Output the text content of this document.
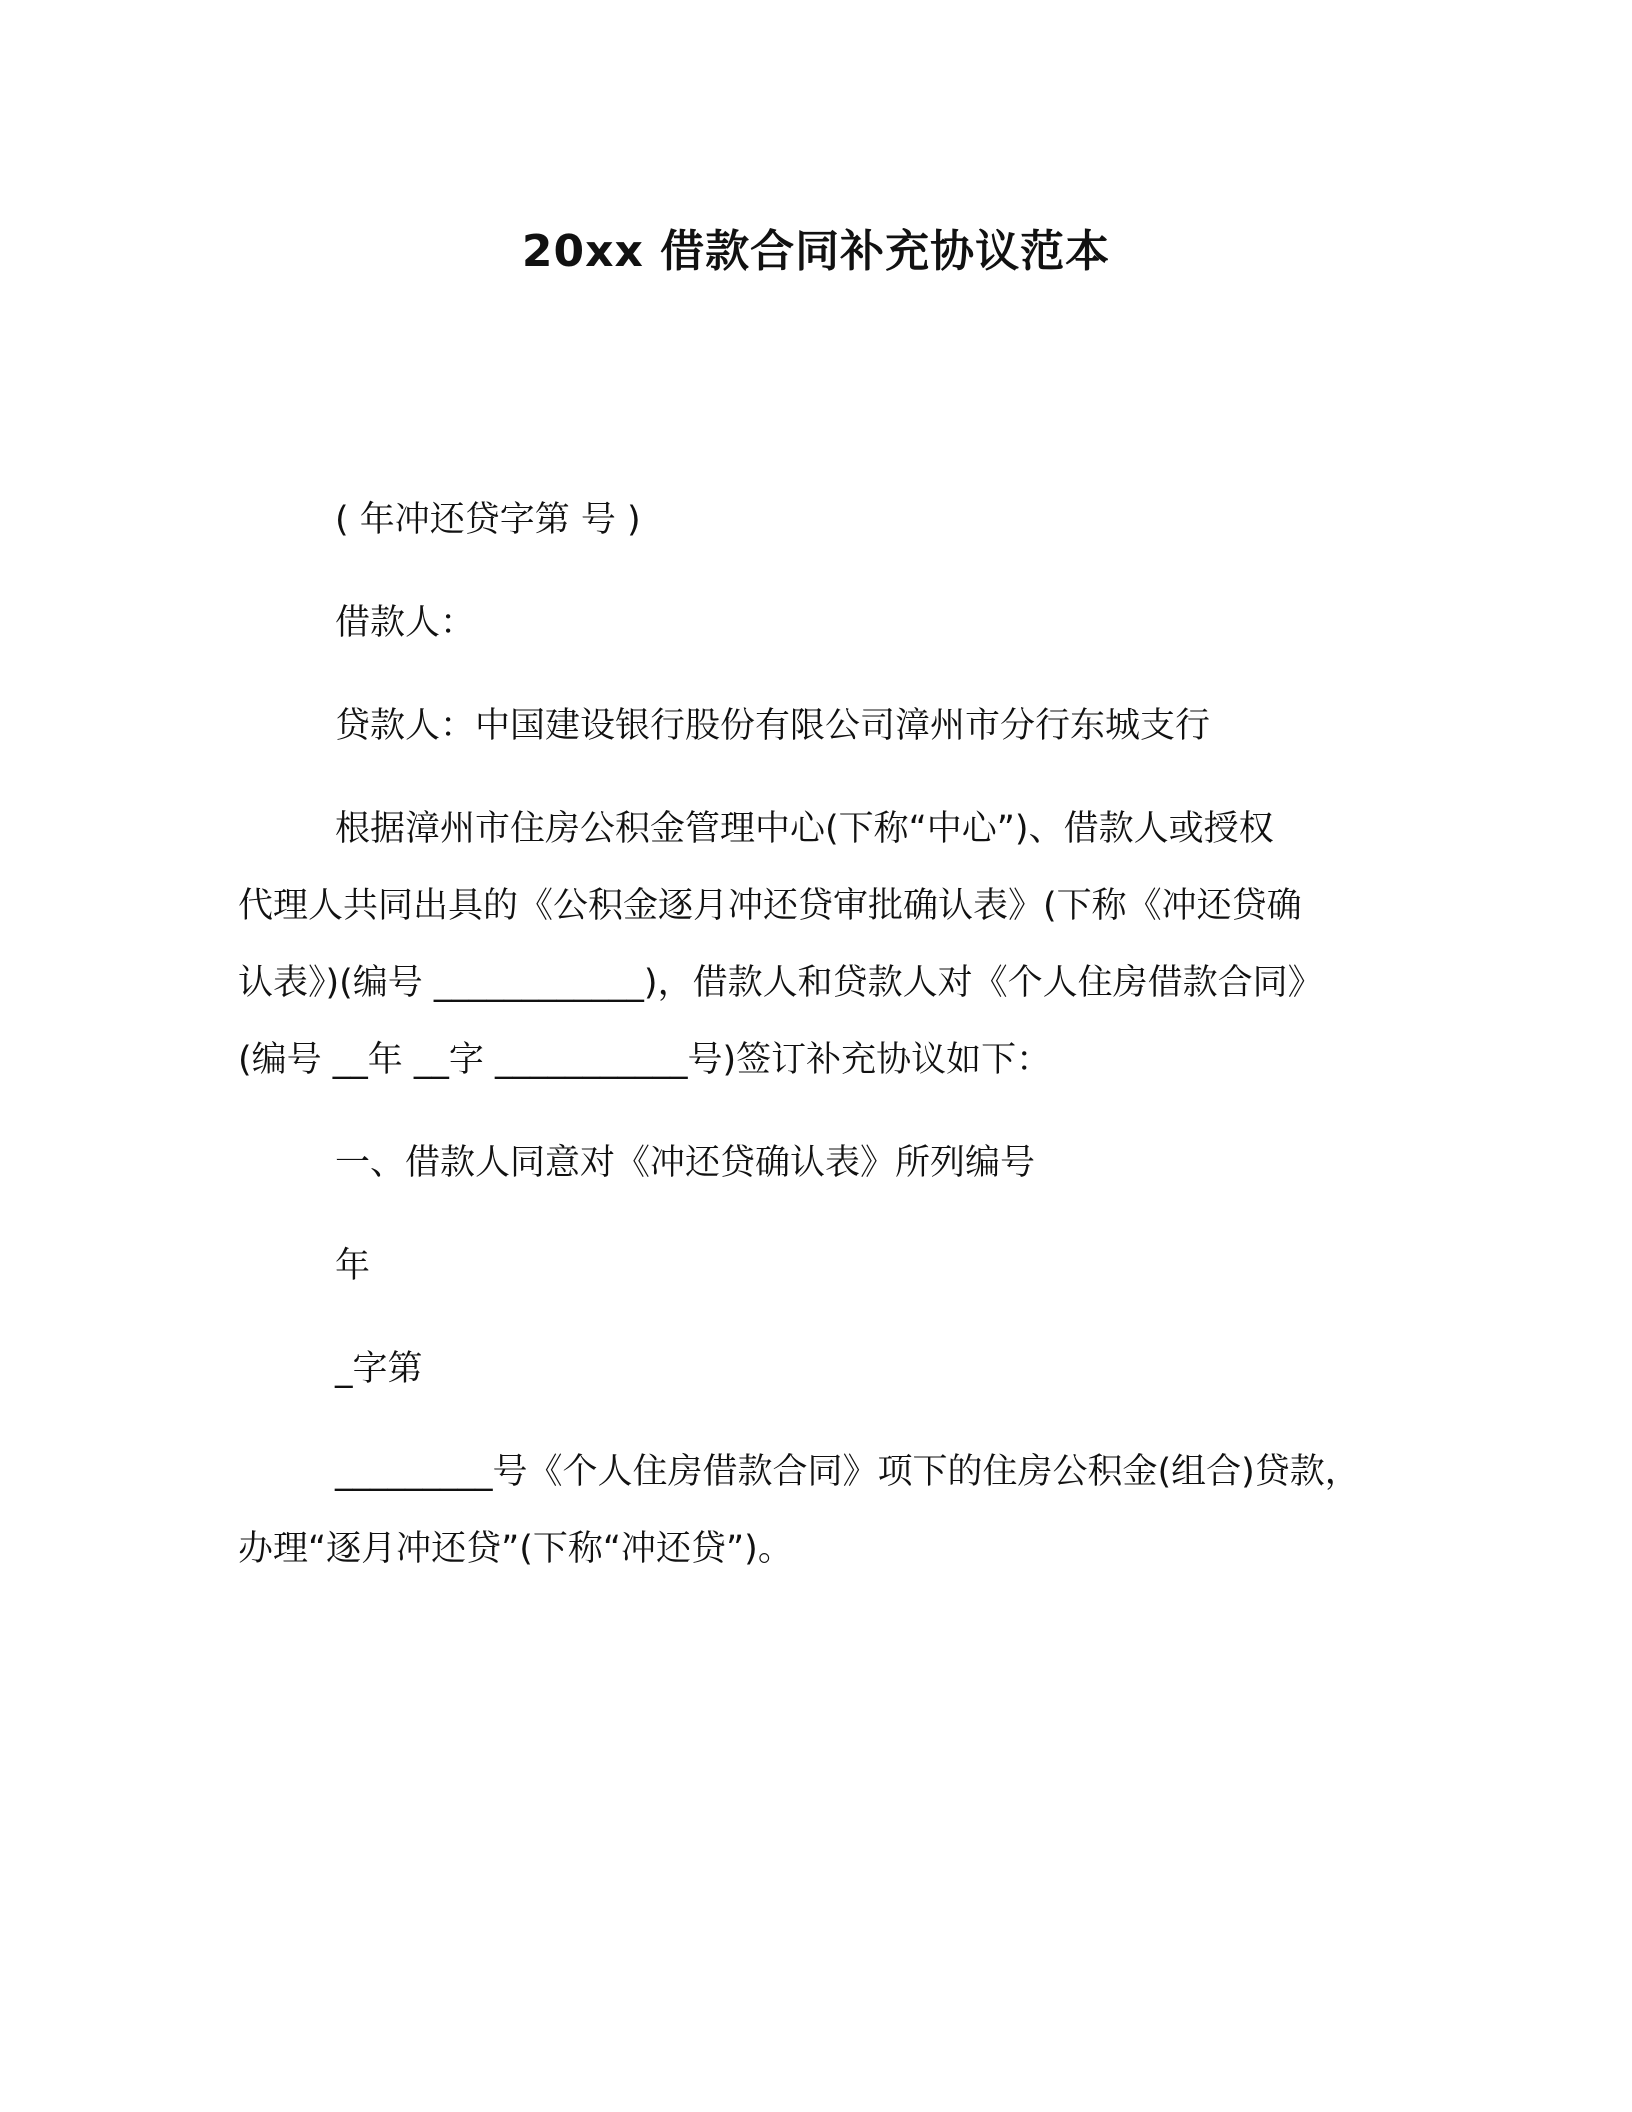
20xx 借款合同补充协议范本
( 年冲还贷字第 号 )
借款人：
贷款人：中国建设银行股份有限公司漳州市分行东城支行
根据漳州市住房公积金管理中心(下称“中心”)、借款人或授权
代理人共同出具的《公积金逐月冲还贷审批确认表》(下称《冲还贷确
认表》)(编号 ____________)，借款人和贷款人对《个人住房借款合同》
(编号 __年 __字 ___________号)签订补充协议如下：
一、借款人同意对《冲还贷确认表》所列编号
年
_字第
_________号《个人住房借款合同》项下的住房公积金(组合)贷款，
办理“逐月冲还贷”(下称“冲还贷”)。
